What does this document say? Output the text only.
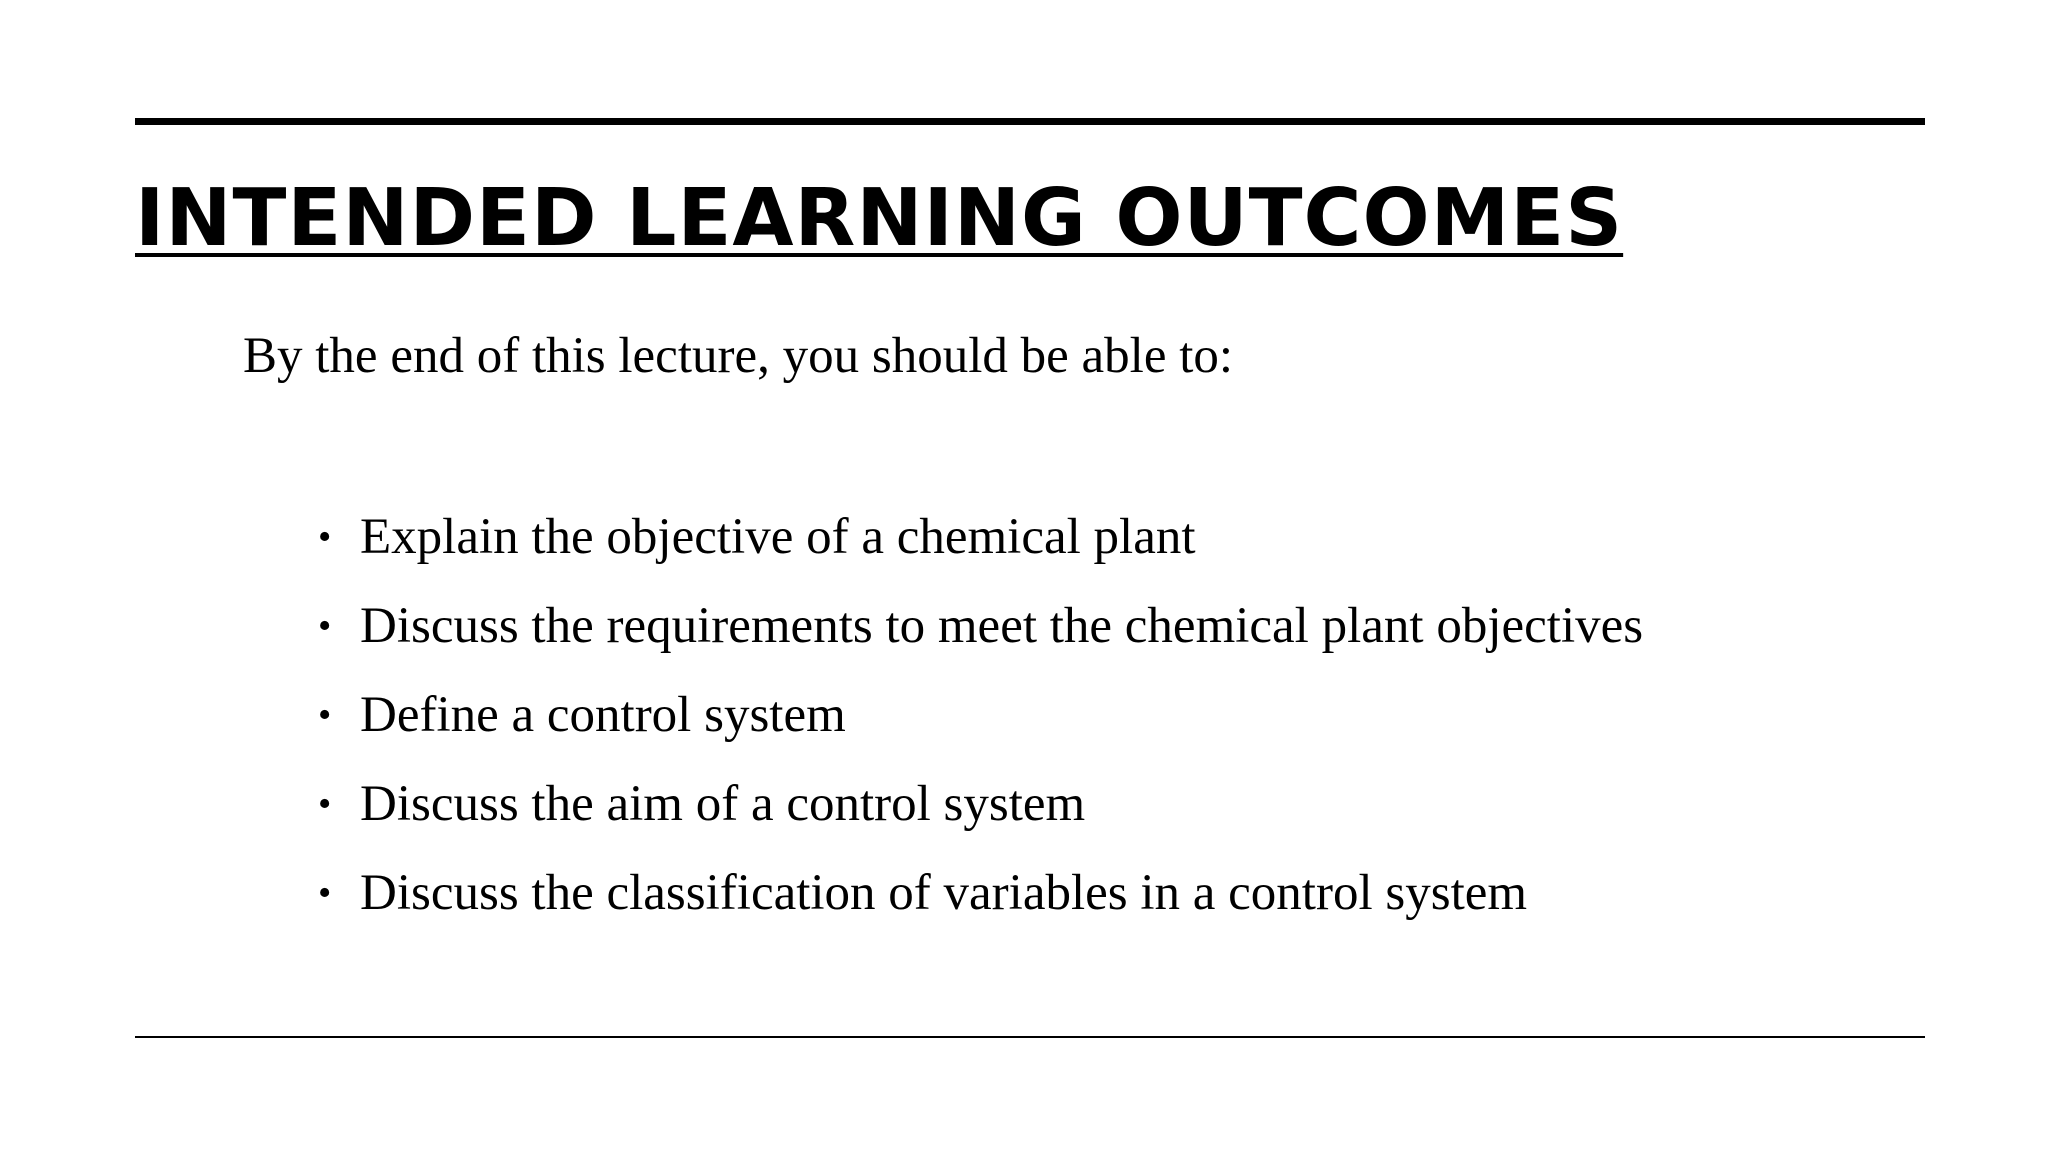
INTENDED LEARNING OUTCOMES

By the end of this lecture, you should be able to:

• Explain the objective of a chemical plant
• Discuss the requirements to meet the chemical plant objectives
• Define a control system
• Discuss the aim of a control system
• Discuss the classification of variables in a control system
